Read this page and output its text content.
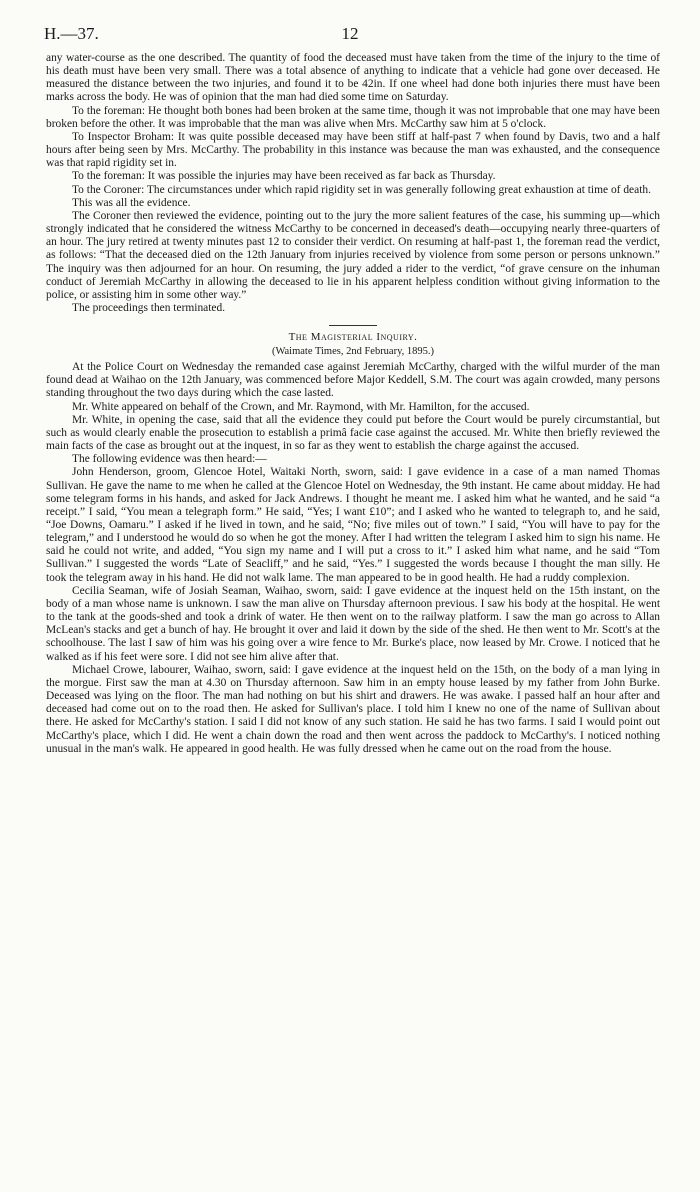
H.—37.	12

any water-course as the one described. The quantity of food the deceased must have taken from the time of the injury to the time of his death must have been very small. There was a total absence of anything to indicate that a vehicle had gone over deceased. He measured the distance between the two injuries, and found it to be 42in. If one wheel had done both injuries there must have been marks across the body. He was of opinion that the man had died some time on Saturday.

To the foreman: He thought both bones had been broken at the same time, though it was not improbable that one may have been broken before the other. It was improbable that the man was alive when Mrs. McCarthy saw him at 5 o'clock.

To Inspector Broham: It was quite possible deceased may have been stiff at half-past 7 when found by Davis, two and a half hours after being seen by Mrs. McCarthy. The probability in this instance was because the man was exhausted, and the consequence was that rapid rigidity set in.

To the foreman: It was possible the injuries may have been received as far back as Thursday.

To the Coroner: The circumstances under which rapid rigidity set in was generally following great exhaustion at time of death.

This was all the evidence.

The Coroner then reviewed the evidence, pointing out to the jury the more salient features of the case, his summing up—which strongly indicated that he considered the witness McCarthy to be concerned in deceased's death—occupying nearly three-quarters of an hour. The jury retired at twenty minutes past 12 to consider their verdict. On resuming at half-past 1, the foreman read the verdict, as follows: “That the deceased died on the 12th January from injuries received by violence from some person or persons unknown.” The inquiry was then adjourned for an hour. On resuming, the jury added a rider to the verdict, “of grave censure on the inhuman conduct of Jeremiah McCarthy in allowing the deceased to lie in his apparent helpless condition without giving information to the police, or assisting him in some other way.”

The proceedings then terminated.

The Magisterial Inquiry.
(Waimate Times, 2nd February, 1895.)

At the Police Court on Wednesday the remanded case against Jeremiah McCarthy, charged with the wilful murder of the man found dead at Waihao on the 12th January, was commenced before Major Keddell, S.M. The court was again crowded, many persons standing throughout the two days during which the case lasted.

Mr. White appeared on behalf of the Crown, and Mr. Raymond, with Mr. Hamilton, for the accused.

Mr. White, in opening the case, said that all the evidence they could put before the Court would be purely circumstantial, but such as would clearly enable the prosecution to establish a primâ facie case against the accused. Mr. White then briefly reviewed the main facts of the case as brought out at the inquest, in so far as they went to establish the charge against the accused.

The following evidence was then heard:—

John Henderson, groom, Glencoe Hotel, Waitaki North, sworn, said: I gave evidence in a case of a man named Thomas Sullivan. He gave the name to me when he called at the Glencoe Hotel on Wednesday, the 9th instant. He came about midday. He had some telegram forms in his hands, and asked for Jack Andrews. I thought he meant me. I asked him what he wanted, and he said “a receipt.” I said, “You mean a telegraph form.” He said, “Yes; I want £10”; and I asked who he wanted to telegraph to, and he said, “Joe Downs, Oamaru.” I asked if he lived in town, and he said, “No; five miles out of town.” I said, “You will have to pay for the telegram,” and I understood he would do so when he got the money. After I had written the telegram I asked him to sign his name. He said he could not write, and added, “You sign my name and I will put a cross to it.” I asked him what name, and he said “Tom Sullivan.” I suggested the words “Late of Seacliff,” and he said, “Yes.” I suggested the words because I thought the man silly. He took the telegram away in his hand. He did not walk lame. The man appeared to be in good health. He had a ruddy complexion.

Cecilia Seaman, wife of Josiah Seaman, Waihao, sworn, said: I gave evidence at the inquest held on the 15th instant, on the body of a man whose name is unknown. I saw the man alive on Thursday afternoon previous. I saw his body at the hospital. He went to the tank at the goods-shed and took a drink of water. He then went on to the railway platform. I saw the man go across to Allan McLean's stacks and get a bunch of hay. He brought it over and laid it down by the side of the shed. He then went to Mr. Scott's at the schoolhouse. The last I saw of him was his going over a wire fence to Mr. Burke's place, now leased by Mr. Crowe. I noticed that he walked as if his feet were sore. I did not see him alive after that.

Michael Crowe, labourer, Waihao, sworn, said: I gave evidence at the inquest held on the 15th, on the body of a man lying in the morgue. First saw the man at 4.30 on Thursday afternoon. Saw him in an empty house leased by my father from John Burke. Deceased was lying on the floor. The man had nothing on but his shirt and drawers. He was awake. I passed half an hour after and deceased had come out on to the road then. He asked for Sullivan's place. I told him I knew no one of the name of Sullivan about there. He asked for McCarthy's station. I said I did not know of any such station. He said he has two farms. I said I would point out McCarthy's place, which I did. He went a chain down the road and then went across the paddock to McCarthy's. I noticed nothing unusual in the man's walk. He appeared in good health. He was fully dressed when he came out on the road from the house.
